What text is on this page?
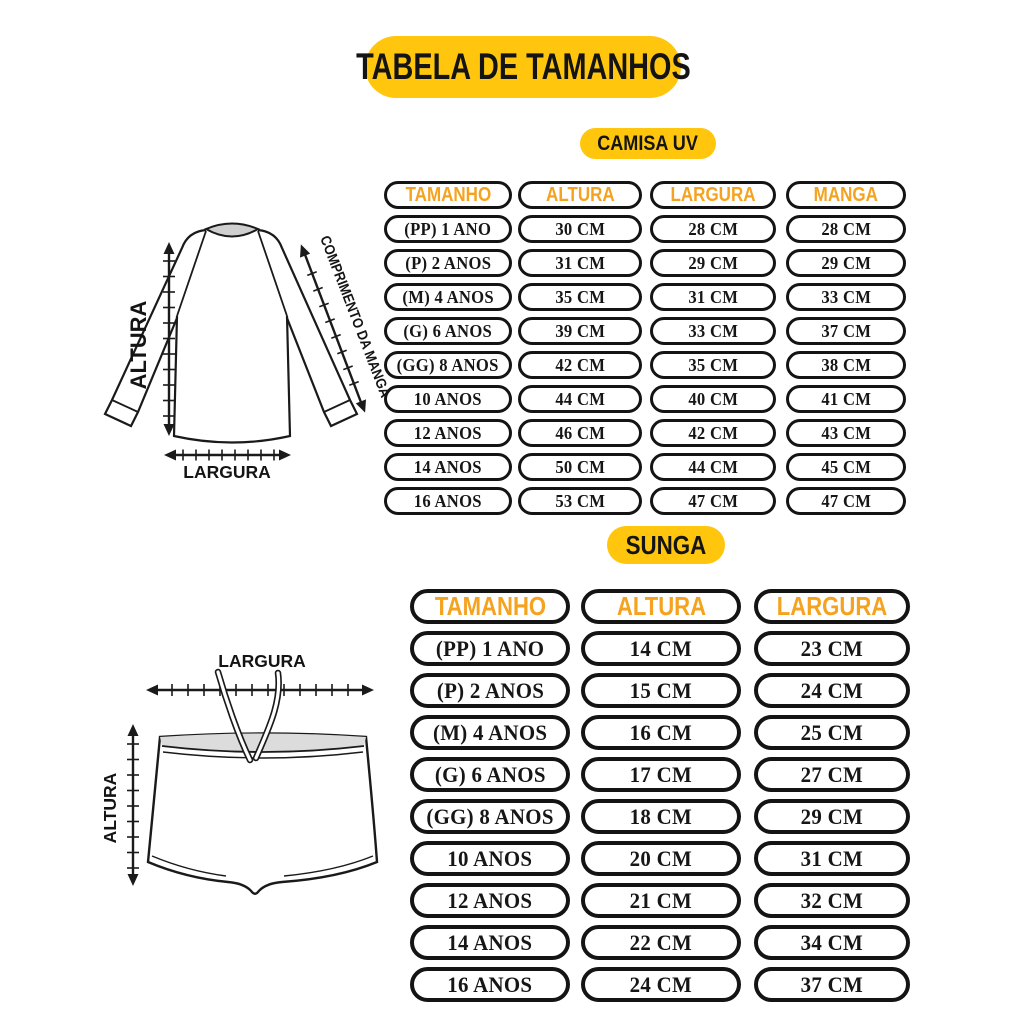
TABELA DE TAMANHOS
CAMISA UV
SUNGA
ALTURA
LARGURA
COMPRIMENTO DA MANGA
LARGURA
ALTURA
TAMANHO
(PP) 1 ANO
(P) 2 ANOS
(M) 4 ANOS
(G) 6 ANOS
(GG) 8 ANOS
10 ANOS
12 ANOS
14 ANOS
16 ANOS
ALTURA
30 CM
31 CM
35 CM
39 CM
42 CM
44 CM
46 CM
50 CM
53 CM
LARGURA
28 CM
29 CM
31 CM
33 CM
35 CM
40 CM
42 CM
44 CM
47 CM
MANGA
28 CM
29 CM
33 CM
37 CM
38 CM
41 CM
43 CM
45 CM
47 CM
TAMANHO
(PP) 1 ANO
(P) 2 ANOS
(M) 4 ANOS
(G) 6 ANOS
(GG) 8 ANOS
10 ANOS
12 ANOS
14 ANOS
16 ANOS
ALTURA
14 CM
15 CM
16 CM
17 CM
18 CM
20 CM
21 CM
22 CM
24 CM
LARGURA
23 CM
24 CM
25 CM
27 CM
29 CM
31 CM
32 CM
34 CM
37 CM
